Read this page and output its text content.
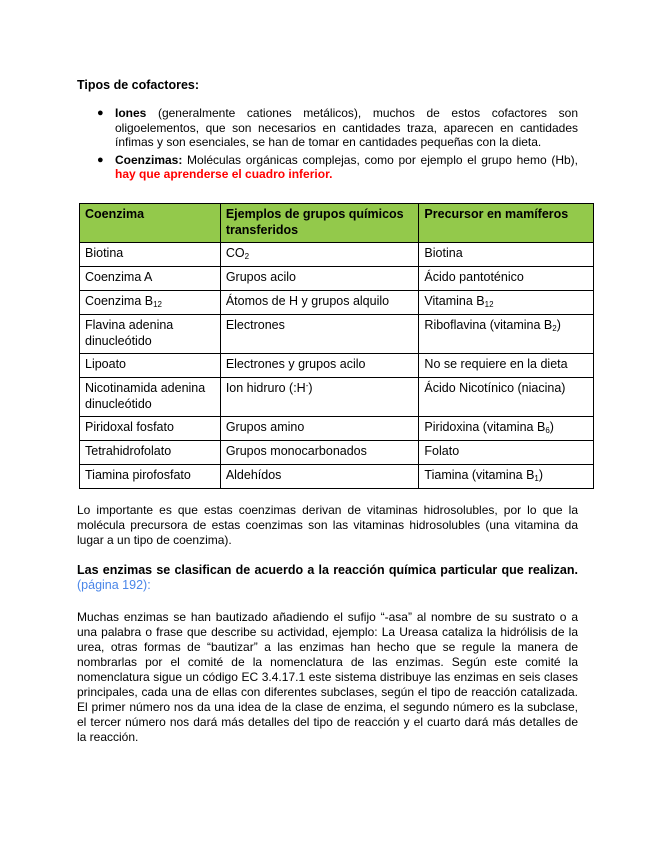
Tipos de cofactores:
● Iones (generalmente cationes metálicos), muchos de estos cofactores son oligoelementos, que son necesarios en cantidades traza, aparecen en cantidades ínfimas y son esenciales, se han de tomar en cantidades pequeñas con la dieta.
● Coenzimas: Moléculas orgánicas complejas, como por ejemplo el grupo hemo (Hb), hay que aprenderse el cuadro inferior.
Coenzima	Ejemplos de grupos químicos transferidos	Precursor en mamíferos
Biotina	$CO_2$	Biotina
Coenzima A	Grupos acilo	Ácido pantoténico
Coenzima $B_{12}$	Átomos de H y grupos alquilo	Vitamina $B_{12}$
Flavina adenina dinucleótido	Electrones	Riboflavina (vitamina $B_2$)
Lipoato	Electrones y grupos acilo	No se requiere en la dieta
Nicotinamida adenina dinucleótido	Ion hidruro (:H-)	Ácido Nicotínico (niacina)
Piridoxal fosfato	Grupos amino	Piridoxina (vitamina $B_6$)
Tetrahidrofolato	Grupos monocarbonados	Folato
Tiamina pirofosfato	Aldehídos	Tiamina (vitamina $B_1$)
Lo importante es que estas coenzimas derivan de vitaminas hidrosolubles, por lo que la molécula precursora de estas coenzimas son las vitaminas hidrosolubles (una vitamina da lugar a un tipo de coenzima).
Las enzimas se clasifican de acuerdo a la reacción química particular que realizan. (página 192):
Muchas enzimas se han bautizado añadiendo el sufijo “-asa” al nombre de su sustrato o a una palabra o frase que describe su actividad, ejemplo: La Ureasa cataliza la hidrólisis de la urea, otras formas de “bautizar” a las enzimas han hecho que se regule la manera de nombrarlas por el comité de la nomenclatura de las enzimas. Según este comité la nomenclatura sigue un código EC 3.4.17.1 este sistema distribuye las enzimas en seis clases principales, cada una de ellas con diferentes subclases, según el tipo de reacción catalizada. El primer número nos da una idea de la clase de enzima, el segundo número es la subclase, el tercer número nos dará más detalles del tipo de reacción y el cuarto dará más detalles de la reacción.
